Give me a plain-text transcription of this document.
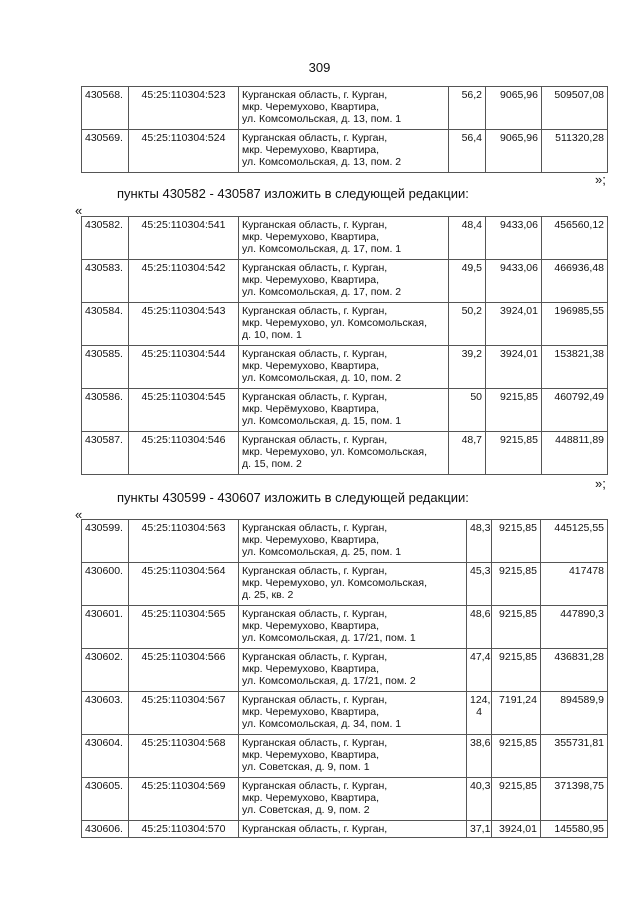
309
430568.	45:25:110304:523	Курганская область, г. Курган,
мкр. Черемухово, Квартира,
ул. Комсомольская, д. 13, пом. 1	56,2	9065,96	509507,08
430569.	45:25:110304:524	Курганская область, г. Курган,
мкр. Черемухово, Квартира,
ул. Комсомольская, д. 13, пом. 2	56,4	9065,96	511320,28
»;
пункты 430582 - 430587 изложить в следующей редакции:
«
430582.	45:25:110304:541	Курганская область, г. Курган,
мкр. Черемухово, Квартира,
ул. Комсомольская, д. 17, пом. 1	48,4	9433,06	456560,12
430583.	45:25:110304:542	Курганская область, г. Курган,
мкр. Черемухово, Квартира,
ул. Комсомольская, д. 17, пом. 2	49,5	9433,06	466936,48
430584.	45:25:110304:543	Курганская область, г. Курган,
мкр. Черемухово, ул. Комсомольская,
д. 10, пом. 1	50,2	3924,01	196985,55
430585.	45:25:110304:544	Курганская область, г. Курган,
мкр. Черемухово, Квартира,
ул. Комсомольская, д. 10, пом. 2	39,2	3924,01	153821,38
430586.	45:25:110304:545	Курганская область, г. Курган,
мкр. Черёмухово, Квартира,
ул. Комсомольская, д. 15, пом. 1	50	9215,85	460792,49
430587.	45:25:110304:546	Курганская область, г. Курган,
мкр. Черемухово, ул. Комсомольская,
д. 15, пом. 2	48,7	9215,85	448811,89
»;
пункты 430599 - 430607 изложить в следующей редакции:
«
430599.	45:25:110304:563	Курганская область, г. Курган,
мкр. Черемухово, Квартира,
ул. Комсомольская, д. 25, пом. 1	48,3	9215,85	445125,55
430600.	45:25:110304:564	Курганская область, г. Курган,
мкр. Черемухово, ул. Комсомольская,
д. 25, кв. 2	45,3	9215,85	417478
430601.	45:25:110304:565	Курганская область, г. Курган,
мкр. Черемухово, Квартира,
ул. Комсомольская, д. 17/21, пом. 1	48,6	9215,85	447890,3
430602.	45:25:110304:566	Курганская область, г. Курган,
мкр. Черемухово, Квартира,
ул. Комсомольская, д. 17/21, пом. 2	47,4	9215,85	436831,28
430603.	45:25:110304:567	Курганская область, г. Курган,
мкр. Черемухово, Квартира,
ул. Комсомольская, д. 34, пом. 1	124, 4	7191,24	894589,9
430604.	45:25:110304:568	Курганская область, г. Курган,
мкр. Черемухово, Квартира,
ул. Советская, д. 9, пом. 1	38,6	9215,85	355731,81
430605.	45:25:110304:569	Курганская область, г. Курган,
мкр. Черемухово, Квартира,
ул. Советская, д. 9, пом. 2	40,3	9215,85	371398,75
430606.	45:25:110304:570	Курганская область, г. Курган,	37,1	3924,01	145580,95
